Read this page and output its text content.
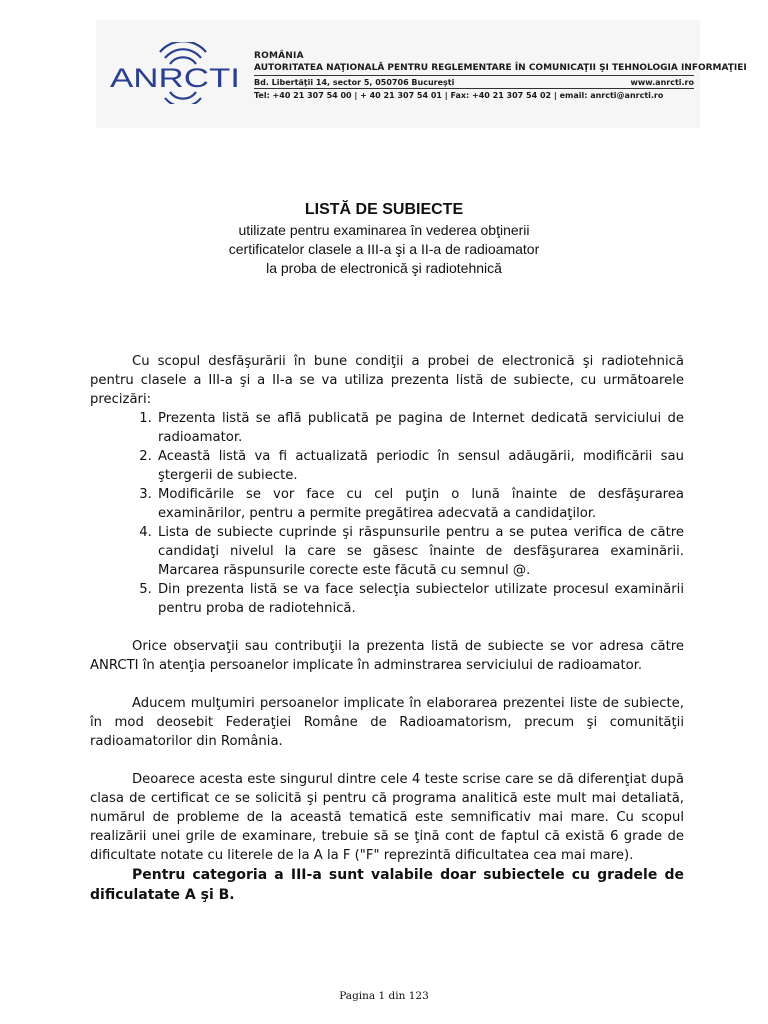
ANRCTI
ROMÂNIA
AUTORITATEA NAŢIONALĂ PENTRU REGLEMENTARE ÎN COMUNICAŢII ŞI TEHNOLOGIA INFORMAŢIEI
Bd. Libertăţii 14, sector 5, 050706 Bucureşti	www.anrcti.ro
Tel: +40 21 307 54 00 | + 40 21 307 54 01 | Fax: +40 21 307 54 02 | email: anrcti@anrcti.ro
LISTĂ DE SUBIECTE
utilizate pentru examinarea în vederea obţinerii
certificatelor clasele a III-a şi a II-a de radioamator
la proba de electronică şi radiotehnică

Cu scopul desfăşurării în bune condiţii a probei de electronică şi radiotehnică pentru clasele a III-a şi a II-a se va utiliza prezenta listă de subiecte, cu următoarele precizări:

1. Prezenta listă se află publicată pe pagina de Internet dedicată serviciului de radioamator.
2. Această listă va fi actualizată periodic în sensul adăugării, modificării sau ştergerii de subiecte.
3. Modificările se vor face cu cel puţin o lună înainte de desfăşurarea examinărilor, pentru a permite pregătirea adecvată a candidaţilor.
4. Lista de subiecte cuprinde şi răspunsurile pentru a se putea verifica de către candidaţi nivelul la care se găsesc înainte de desfăşurarea examinării. Marcarea răspunsurile corecte este făcută cu semnul @.
5. Din prezenta listă se va face selecţia subiectelor utilizate procesul examinării pentru proba de radiotehnică.

Orice observaţii sau contribuţii la prezenta listă de subiecte se vor adresa către ANRCTI în atenţia persoanelor implicate în adminstrarea serviciului de radioamator.

Aducem mulţumiri persoanelor implicate în elaborarea prezentei liste de subiecte, în mod deosebit Federaţiei Române de Radioamatorism, precum şi comunităţii radioamatorilor din România.

Deoarece acesta este singurul dintre cele 4 teste scrise care se dă diferenţiat după clasa de certificat ce se solicită şi pentru că programa analitică este mult mai detaliată, numărul de probleme de la această tematică este semnificativ mai mare. Cu scopul realizării unei grile de examinare, trebuie să se ţină cont de faptul că există 6 grade de dificultate notate cu literele de la A la F ("F" reprezintă dificultatea cea mai mare).

Pentru categoria a III-a sunt valabile doar subiectele cu gradele de dificulatate A şi B.

Pagina 1 din 123
